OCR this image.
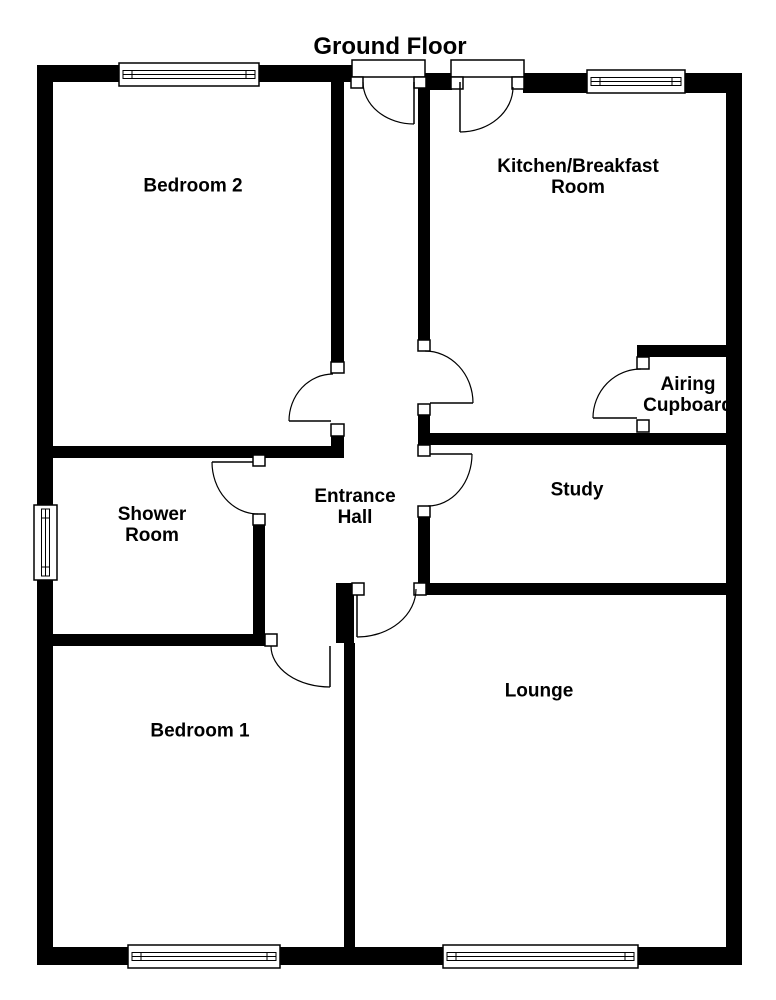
Ground Floor
Bedroom 2
Kitchen/Breakfast
Room
Airing
Cupboard
Study
Entrance
Hall
Shower
Room
Bedroom 1
Lounge
